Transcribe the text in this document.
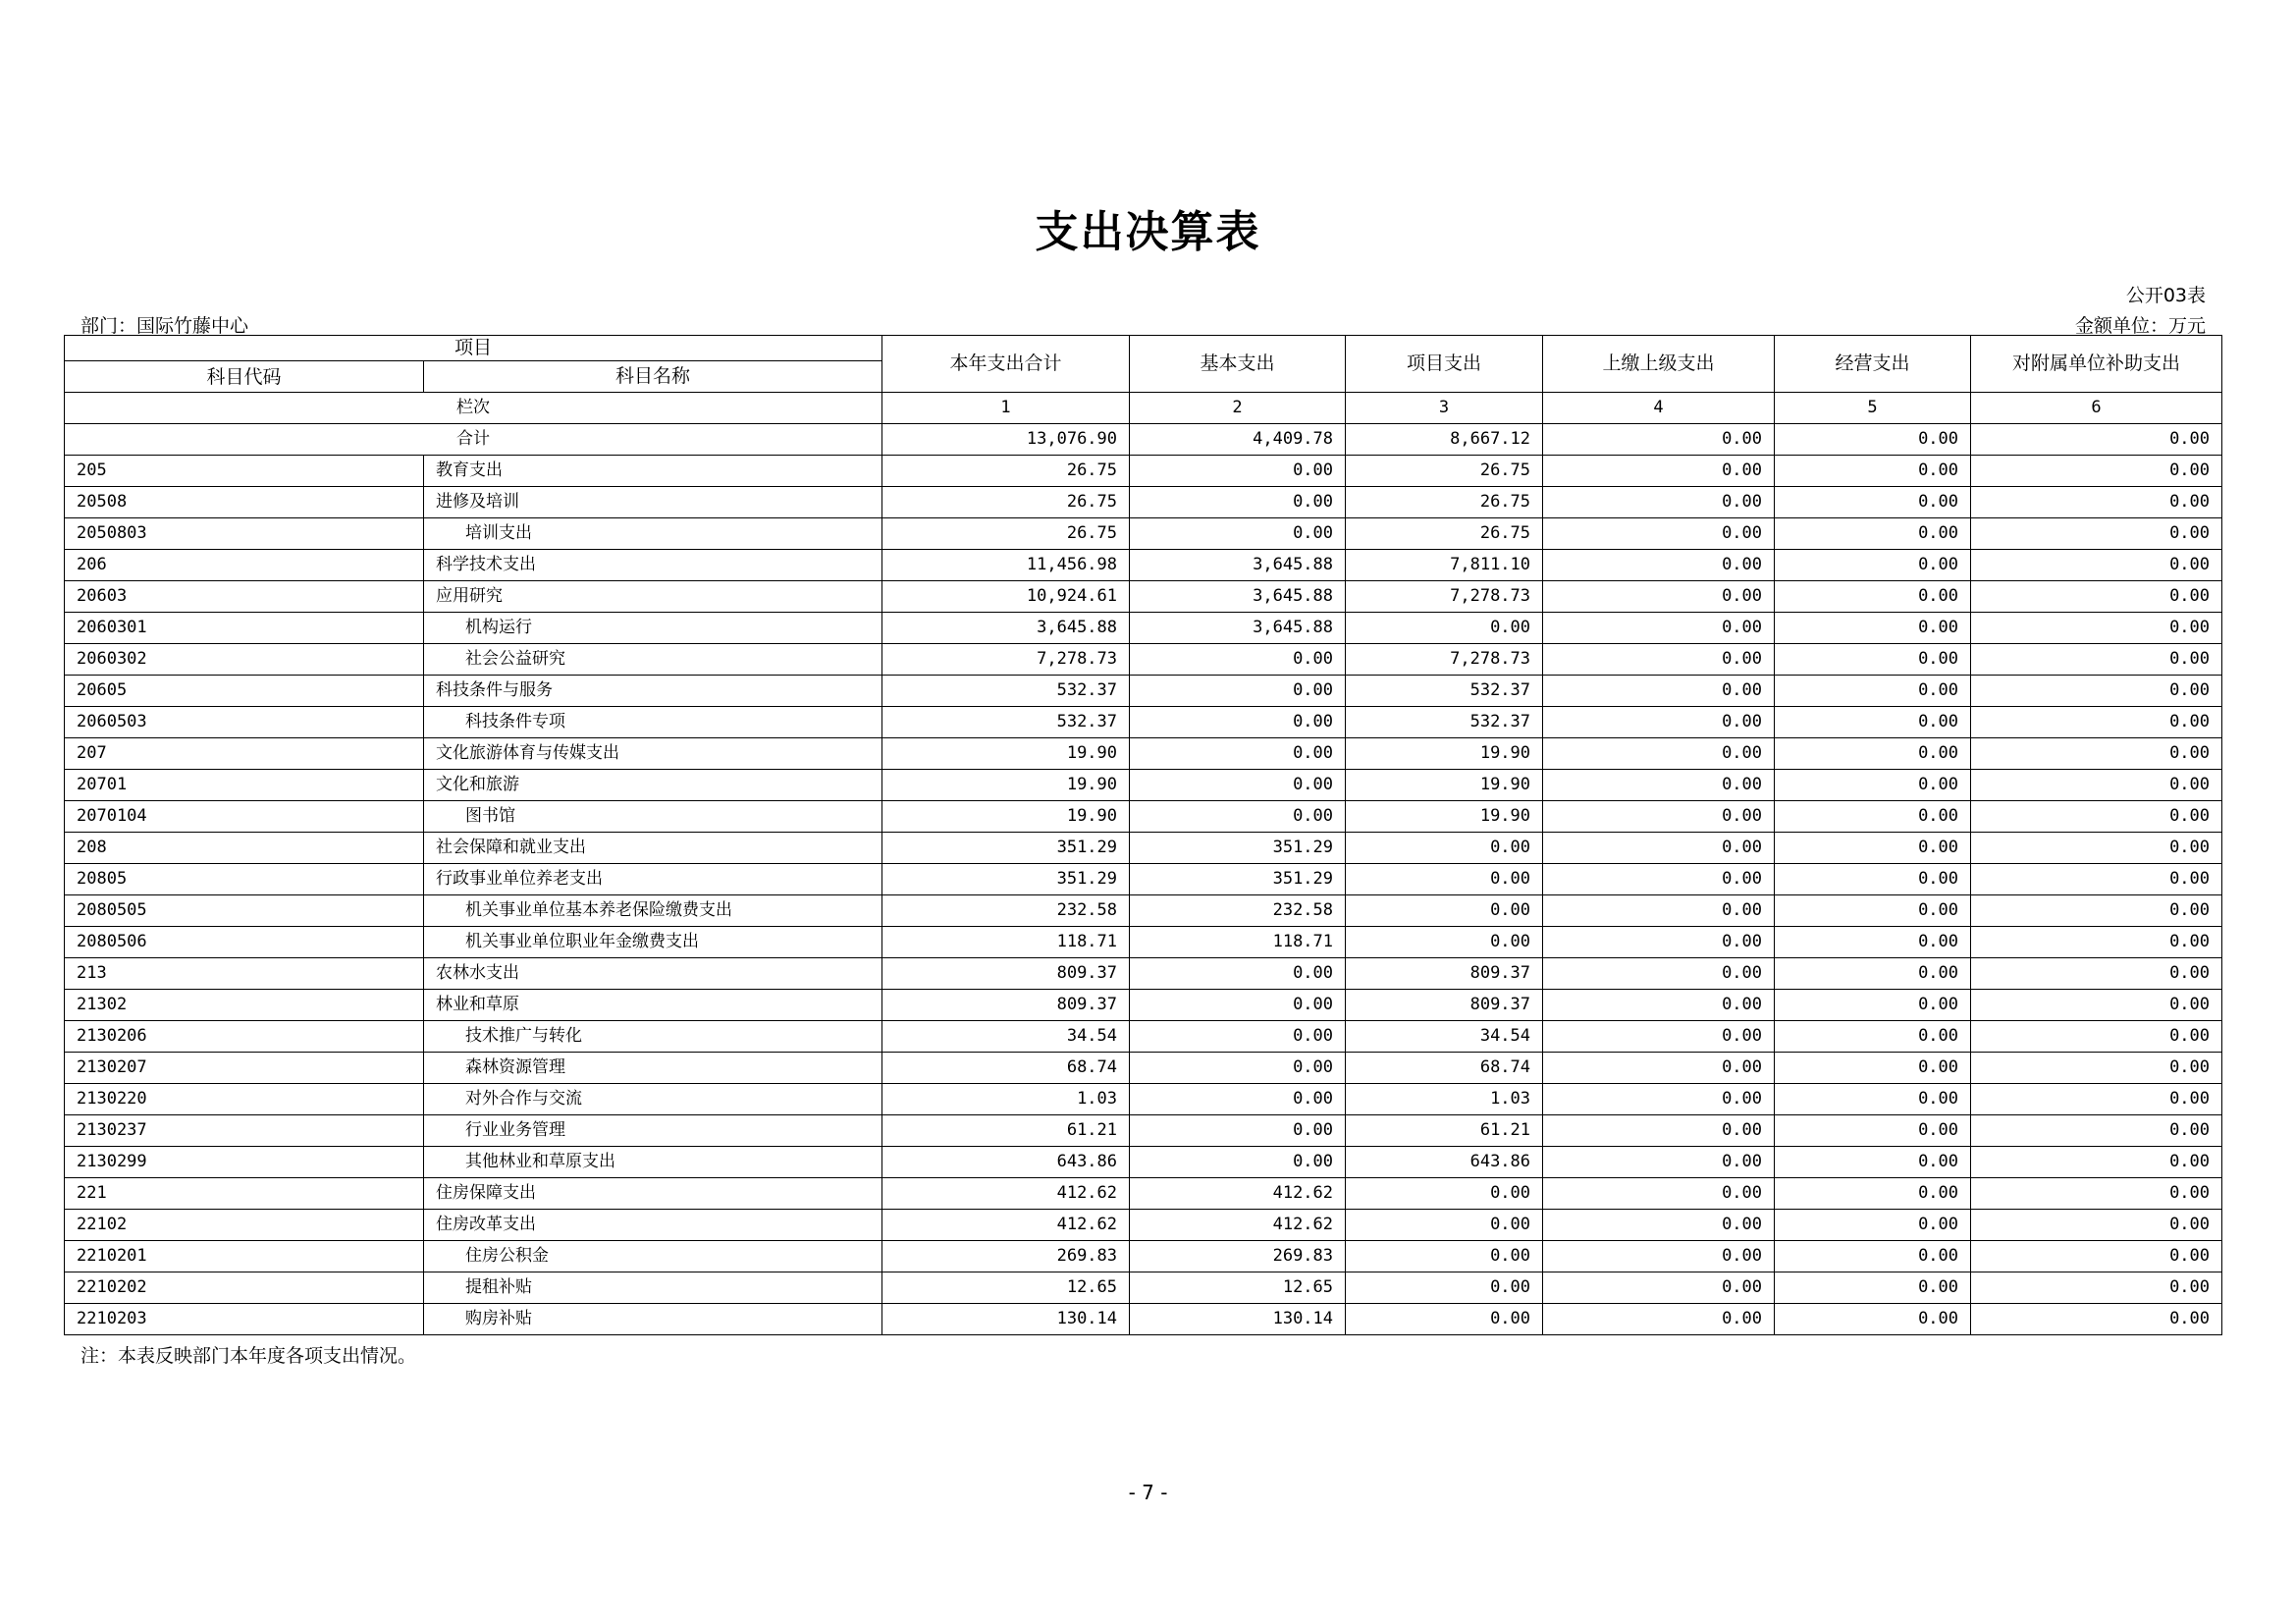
支出决算表
公开03表
部门：国际竹藤中心	金额单位：万元
项目		本年支出合计	基本支出	项目支出	上缴上级支出	经营支出	对附属单位补助支出
科目代码	科目名称						
栏次		1	2	3	4	5	6
合计		13,076.90	4,409.78	8,667.12	0.00	0.00	0.00
205	教育支出	26.75	0.00	26.75	0.00	0.00	0.00
20508	进修及培训	26.75	0.00	26.75	0.00	0.00	0.00
2050803	培训支出	26.75	0.00	26.75	0.00	0.00	0.00
206	科学技术支出	11,456.98	3,645.88	7,811.10	0.00	0.00	0.00
20603	应用研究	10,924.61	3,645.88	7,278.73	0.00	0.00	0.00
2060301	机构运行	3,645.88	3,645.88	0.00	0.00	0.00	0.00
2060302	社会公益研究	7,278.73	0.00	7,278.73	0.00	0.00	0.00
20605	科技条件与服务	532.37	0.00	532.37	0.00	0.00	0.00
2060503	科技条件专项	532.37	0.00	532.37	0.00	0.00	0.00
207	文化旅游体育与传媒支出	19.90	0.00	19.90	0.00	0.00	0.00
20701	文化和旅游	19.90	0.00	19.90	0.00	0.00	0.00
2070104	图书馆	19.90	0.00	19.90	0.00	0.00	0.00
208	社会保障和就业支出	351.29	351.29	0.00	0.00	0.00	0.00
20805	行政事业单位养老支出	351.29	351.29	0.00	0.00	0.00	0.00
2080505	机关事业单位基本养老保险缴费支出	232.58	232.58	0.00	0.00	0.00	0.00
2080506	机关事业单位职业年金缴费支出	118.71	118.71	0.00	0.00	0.00	0.00
213	农林水支出	809.37	0.00	809.37	0.00	0.00	0.00
21302	林业和草原	809.37	0.00	809.37	0.00	0.00	0.00
2130206	技术推广与转化	34.54	0.00	34.54	0.00	0.00	0.00
2130207	森林资源管理	68.74	0.00	68.74	0.00	0.00	0.00
2130220	对外合作与交流	1.03	0.00	1.03	0.00	0.00	0.00
2130237	行业业务管理	61.21	0.00	61.21	0.00	0.00	0.00
2130299	其他林业和草原支出	643.86	0.00	643.86	0.00	0.00	0.00
221	住房保障支出	412.62	412.62	0.00	0.00	0.00	0.00
22102	住房改革支出	412.62	412.62	0.00	0.00	0.00	0.00
2210201	住房公积金	269.83	269.83	0.00	0.00	0.00	0.00
2210202	提租补贴	12.65	12.65	0.00	0.00	0.00	0.00
2210203	购房补贴	130.14	130.14	0.00	0.00	0.00	0.00
注：本表反映部门本年度各项支出情况。
- 7 -
